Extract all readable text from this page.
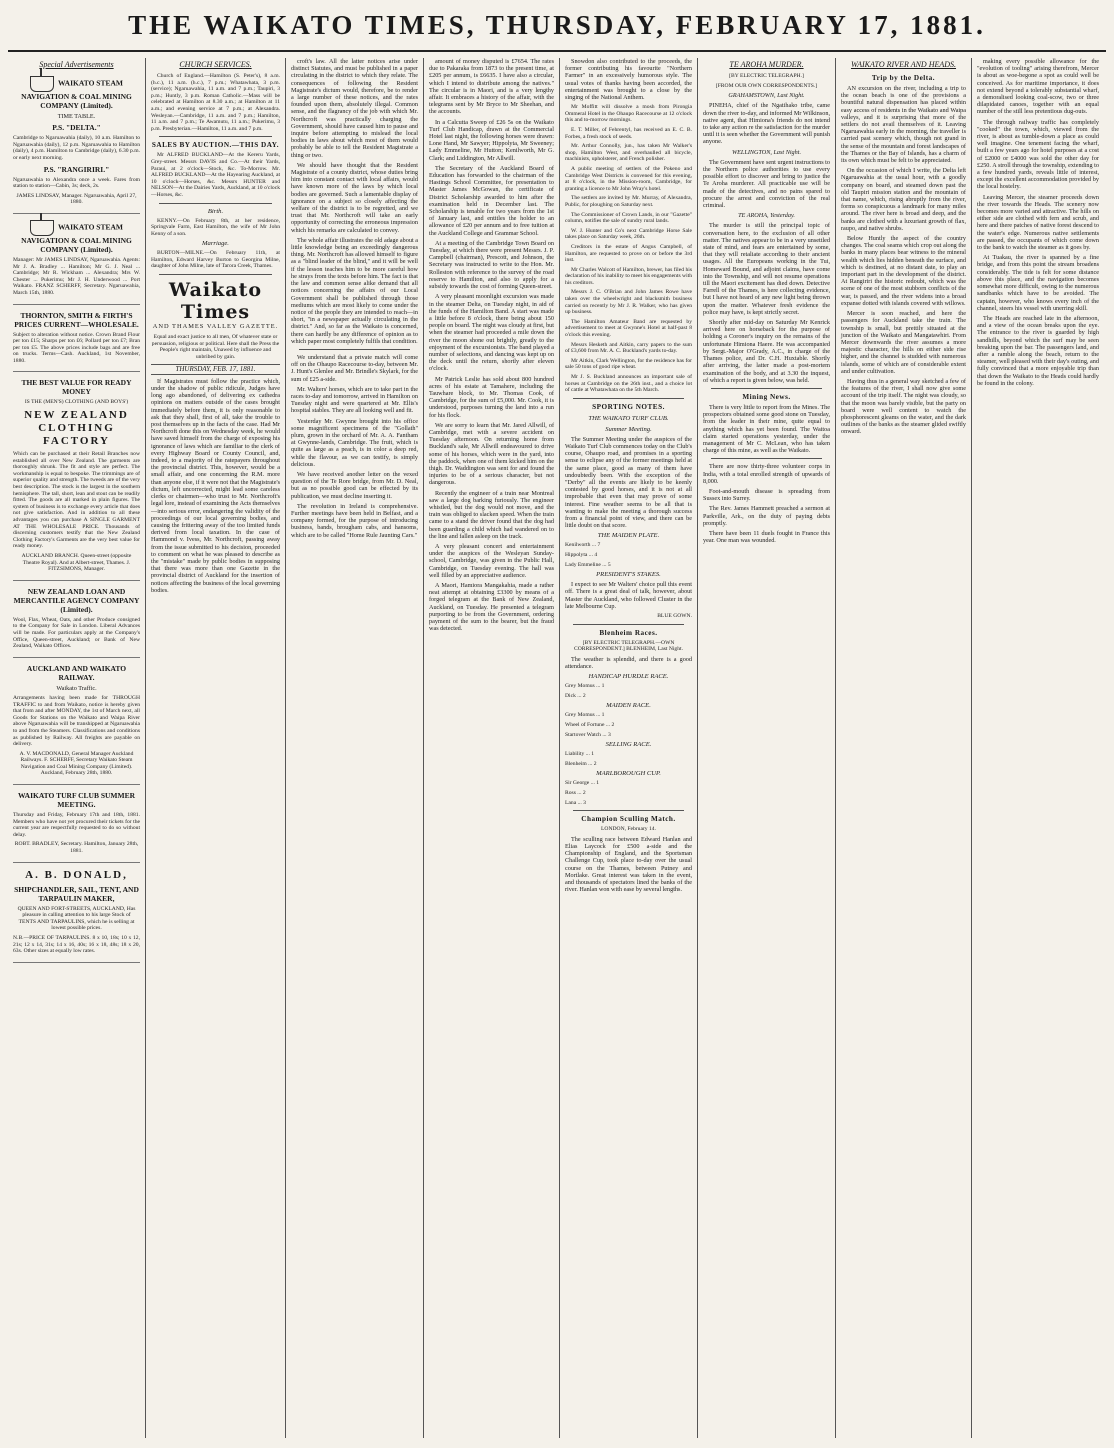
THE WAIKATO TIMES, THURSDAY, FEBRUARY 17, 1881.
Special Advertisements

WAIKATO STEAM NAVIGATION & COAL MINING COMPANY (Limited).

TIME TABLE.

P.S. "DELTA."

Cambridge to Ngaruawahia (daily), 10 a.m. Hamilton to Ngaruawahia (daily), 12 p.m. Ngaruawahia to Hamilton (daily), 4 p.m. Hamilton to Cambridge (daily), 6.30 p.m. or early next morning.

P.S. "RANGIRIRI."

Ngaruawahia to Alexandra once a week. Fares from station to station—Cabin, 3s; deck, 2s.

JAMES LINDSAY, Manager. Ngaruawahia, April 27, 1880.

WAIKATO STEAM NAVIGATION & COAL MINING COMPANY (Limited).

Manager: Mr JAMES LINDSAY, Ngaruawahia. Agents: Mr J. A. Bradley ... Hamilton; Mr G. J. Neal ... Cambridge; Mr R. Wickham ... Alexandra; Mrs W. Chester ... Pukerimu; Mr J. H. Underwood ... Port Waikato. FRANZ SCHERFF, Secretary. Ngaruawahia, March 15th, 1880.

THORNTON, SMITH & FIRTH'S PRICES CURRENT—WHOLESALE.

Subject to alteration without notice. Crown Brand Flour per ton £15; Sharps per ton £6; Pollard per ton £7; Bran per ton £5. The above prices include bags and are free on trucks. Terms—Cash. Auckland, 1st November, 1880.

THE BEST VALUE FOR READY MONEY

IS THE (MEN'S) CLOTHING (AND BOYS')

NEW ZEALAND CLOTHING FACTORY

Which can be purchased at their Retail Branches now established all over New Zealand. The garments are thoroughly shrunk. The fit and style are perfect. The workmanship is equal to bespoke. The trimmings are of superior quality and strength. The tweeds are of the very best description. The stock is the largest in the southern hemisphere. The tall, short, lean and stout can be readily fitted. The goods are all marked in plain figures. The system of business is to exchange every article that does not give satisfaction. And in addition to all these advantages you can purchase A SINGLE GARMENT AT THE WHOLESALE PRICE. Thousands of discerning customers testify that the New Zealand Clothing Factory's Garments are the very best value for ready money.

AUCKLAND BRANCH. Queen-street (opposite Theatre Royal). And at Albert-street, Thames. J. FITZSIMONS, Manager.

NEW ZEALAND LOAN AND MERCANTILE AGENCY COMPANY (Limited).

Wool, Flax, Wheat, Oats, and other Produce consigned to the Company for Sale in London. Liberal Advances will be made. For particulars apply at the Company's Office, Queen-street, Auckland; or Bank of New Zealand, Waikato Offices.

AUCKLAND AND WAIKATO RAILWAY.

Waikato Traffic.

Arrangements having been made for THROUGH TRAFFIC to and from Waikato, notice is hereby given that from and after MONDAY, the 1st of March next, all Goods for Stations on the Waikato and Waipa River above Ngaruawahia will be transhipped at Ngaruawahia to and from the Steamers. Classifications and conditions as published by Railway. All freights are payable on delivery.

A. V. MACDONALD, General Manager Auckland Railways. F. SCHERFF, Secretary Waikato Steam Navigation and Coal Mining Company (Limited). Auckland, February 28th, 1880.

WAIKATO TURF CLUB SUMMER MEETING.

Thursday and Friday, February 17th and 18th, 1881. Members who have not yet procured their tickets for the current year are respectfully requested to do so without delay.

ROBT. BRADLEY, Secretary. Hamilton, January 28th, 1881.

A. B. DONALD,

SHIPCHANDLER, SAIL, TENT, AND TARPAULIN MAKER,

QUEEN AND FORT-STREETS, AUCKLAND, Has pleasure in calling attention to his large Stock of TENTS AND TARPAULINS, which he is selling at lowest possible prices.

N.B.—PRICE OF TARPAULINS. 8 x 10, 18s; 10 x 12, 21s; 12 x 14, 31s; 14 x 16, 40s; 16 x 18, 48s; 18 x 20, 63s. Other sizes at equally low rates.

CHURCH SERVICES.

Church of England.—Hamilton (S. Peter's), 8 a.m. (h.c.), 11 a.m. (h.c.), 7 p.m.; Whatawhata, 3 p.m. (service); Ngaruawahia, 11 a.m. and 7 p.m.; Taupiri, 3 p.m.; Huntly, 3 p.m. Roman Catholic.—Mass will be celebrated at Hamilton at 8.30 a.m.; at Hamilton at 11 a.m.; and evening service at 7 p.m.; at Alexandra. Wesleyan.—Cambridge, 11 a.m. and 7 p.m.; Hamilton, 11 a.m. and 7 p.m.; Te Awamutu, 11 a.m.; Pukerimu, 3 p.m. Presbyterian.—Hamilton, 11 a.m. and 7 p.m.

SALES BY AUCTION.—THIS DAY.

Mr ALFRED BUCKLAND—At the Kereru Yards, Grey-street. Messrs DAVIS and Co.—At their Yards, Paraui, at 2 o'clock—Stock, &c. To-Morrow. Mr. ALFRED BUCKLAND—At the Hayearing Auckland, at 10 o'clock—Horses, &c. Messrs HUNTER and NELSON—At the Dairies Yards, Auckland, at 10 o'clock—Horses, &c.

Birth.

KENNY.—On February 8th, at her residence, Springvale Farm, East Hamilton, the wife of Mr John Kenny of a son.

Marriage.

BURTON—MILNE.—On February 11th, at Hamilton, Edward Harvey Burton to Georgina Milne, daughter of John Milne, late of Tarora Creek, Thames.

Waikato Times
AND THAMES VALLEY GAZETTE.

Equal and exact justice to all men, Of whatever state or persuasion, religious or political. Here shall the Press the People's right maintain, Unawed by influence and unbribed by gain.

THURSDAY, FEB. 17, 1881.

If Magistrates must follow the practice which, under the shadow of public ridicule, Judges have long ago abandoned, of delivering ex cathedra opinions on matters outside of the cases brought immediately before them, it is only reasonable to ask that they shall, first of all, take the trouble to post themselves up in the facts of the case. Had Mr Northcroft done this on Wednesday week, he would have saved himself from the charge of exposing his ignorance of laws which are familiar to the clerk of every Highway Board or County Council, and, indeed, to a majority of the ratepayers throughout the provincial district. This, however, would be a small affair, and one concerning the R.M. more than anyone else, if it were not that the Magistrate's dictum, left uncorrected, might lead some careless clerks or chairmen—who trust to Mr. Northcroft's legal lore, instead of examining the Acts themselves—into serious error, endangering the validity of the proceedings of our local governing bodies, and causing the frittering away of the too limited funds derived from local taxation. In the case of Hammond v. Ivess, Mr. Northcroft, passing away from the issue submitted to his decision, proceeded to comment on what he was pleased to describe as the "mistake" made by public bodies in supposing that there was more than one Gazette in the provincial district of Auckland for the insertion of notices affecting the business of the local governing bodies.

croft's law. All the latter notices arise under distinct Statutes, and must be published in a paper circulating in the district to which they relate. The consequences of following the Resident Magistrate's dictum would, therefore, be to render a large number of these notices, and the rates founded upon them, absolutely illegal. Common sense, and the flagrancy of the job with which Mr. Northcroft was practically charging the Government, should have caused him to pause and inquire before attempting to mislead the local bodies in laws about which most of them would probably be able to tell the Resident Magistrate a thing or two.

We should have thought that the Resident Magistrate of a county district, whose duties bring him into constant contact with local affairs, would have known more of the laws by which local bodies are governed. Such a lamentable display of ignorance on a subject so closely affecting the welfare of the district is to be regretted, and we trust that Mr. Northcroft will take an early opportunity of correcting the erroneous impression which his remarks are calculated to convey.

The whole affair illustrates the old adage about a little knowledge being an exceedingly dangerous thing. Mr. Northcroft has allowed himself to figure as a "blind leader of the blind," and it will be well if the lesson teaches him to be more careful how he strays from the texts before him. The fact is that the law and common sense alike demand that all notices concerning the affairs of our Local Government shall be published through those mediums which are most likely to come under the notice of the people they are intended to reach—in short, "in a newspaper actually circulating in the district." And, so far as the Waikato is concerned, there can hardly be any difference of opinion as to which paper most completely fulfils that condition.

We understand that a private match will come off on the Ohaupo Racecourse to-day, between Mr. J. Hunt's Glenlee and Mr. Brindle's Skylark, for the sum of £25 a-side.

Mr. Walters' horses, which are to take part in the races to-day and tomorrow, arrived in Hamilton on Tuesday night and were quartered at Mr. Ellis's hospital stables. They are all looking well and fit.

Yesterday Mr. Gwynne brought into his office some magnificent specimens of the "Gollath" plum, grown in the orchard of Mr. A. A. Fantham at Gwynne-lands, Cambridge. The fruit, which is quite as large as a peach, is in color a deep red, while the flavour, as we can testify, is simply delicious.

We have received another letter on the vexed question of the Te Rore bridge, from Mr. D. Neal, but as no possible good can be effected by its publication, we must decline inserting it.

The revolution in Ireland is comprehensive. Further meetings have been held in Belfast, and a company formed, for the purpose of introducing business, bands, brougham cabs, and hansoms, which are to be called "Home Rule Jaunting Cars."

amount of money disputed is £7654. The rates due to Pakaraka from 1873 to the present time, at £205 per annum, is £6635. I have also a circular, which I intend to distribute among the natives." The circular is in Maori, and is a very lengthy affair. It embraces a history of the affair, with the telegrams sent by Mr Bryce to Mr Sheehan, and the accounts.

In a Calcutta Sweep of £26 5s on the Waikato Turf Club Handicap, drawn at the Commercial Hotel last night, the following horses were drawn: Lone Hand, Mr Sawyer; Hippolyta, Mr Sweeney; Lady Emmeline, Mr Hutton; Kenilworth, Mr G. Clark; and Liddington, Mr Allwill.

The Secretary of the Auckland Board of Education has forwarded to the chairman of the Hastings School Committee, for presentation to Master James McGowan, the certificate of District Scholarship awarded to him after the examination held in December last. The Scholarship is tenable for two years from the 1st of January last, and entitles the holder to an allowance of £20 per annum and to free tuition at the Auckland College and Grammar School.

At a meeting of the Cambridge Town Board on Tuesday, at which there were present Messrs. J. P. Campbell (chairman), Prescott, and Johnson, the Secretary was instructed to write to the Hon. Mr. Rolleston with reference to the survey of the road reserve to Hamilton, and also to apply for a subsidy towards the cost of forming Queen-street.

A very pleasant moonlight excursion was made in the steamer Delta, on Tuesday night, in aid of the funds of the Hamilton Band. A start was made a little before 8 o'clock, there being about 150 people on board. The night was cloudy at first, but when the steamer had proceeded a mile down the river the moon shone out brightly, greatly to the enjoyment of the excursionists. The band played a number of selections, and dancing was kept up on the deck until the return, shortly after eleven o'clock.

Mr Patrick Leslie has sold about 800 hundred acres of his estate at Tamahere, including the Tauwhare block, to Mr. Thomas Cook, of Cambridge, for the sum of £5,000. Mr. Cook, it is understood, purposes turning the land into a run for his flock.

We are sorry to learn that Mr. Jared Allwill, of Cambridge, met with a severe accident on Tuesday afternoon. On returning home from Buckland's sale, Mr Allwill endeavoured to drive some of his horses, which were in the yard, into the paddock, when one of them kicked him on the thigh. Dr. Waddington was sent for and found the injuries to be of a serious character, but not dangerous.

Recently the engineer of a train near Montreal saw a large dog barking furiously. The engineer whistled, but the dog would not move, and the train was obliged to slacken speed. When the train came to a stand the driver found that the dog had been guarding a child which had wandered on to the line and fallen asleep on the track.

A very pleasant concert and entertainment under the auspices of the Wesleyan Sunday-school, Cambridge, was given in the Public Hall, Cambridge, on Tuesday evening. The hall was well filled by an appreciative audience.

A Maori, Hamiora Mangakahia, made a rather neat attempt at obtaining £3300 by means of a forged telegram at the Bank of New Zealand, Auckland, on Tuesday. He presented a telegram purporting to be from the Government, ordering payment of the sum to the bearer, but the fraud was detected.

Snowdon also contributed to the proceeds, the former contributing his favourite "Northern Farmer" in an excessively humorous style. The usual votes of thanks having been accorded, the entertainment was brought to a close by the singing of the National Anthem.

Mr Moffitt will dissolve a mosh from Pirongia Ommeral Hotel in the Ohaupo Racecourse at 12 o'clock this and to-morrow mornings.

E. T. Miller, of Fehrentyl, has received an E. C. B. Forbes, a fresh stock of seeds.

Mr. Arthur Connolly, jun., has taken Mr Walker's shop, Hamilton West, and overhaulled all bicycle, machinists, upholsterer, and French polisher.

A public meeting of settlers of the Pokeno and Cambridge West Districts is convened for this evening, at 8 o'clock, in the Mission-room, Cambridge, for granting a licence to Mr John Wray's hotel.

The settlers are invited by Mr. Murray, of Alexandra, Public, for ploughing on Saturday next.

The Commissioner of Crown Lands, in our "Gazette" column, notifies the sale of sundry rural lands.

W. J. Hunter and Co's next Cambridge Horse Sale takes place on Saturday week, 26th.

Creditors in the estate of Angus Campbell, of Hamilton, are requested to prove on or before the 3rd inst.

Mr Charles Walcott of Hamilton, brewer, has filed his declaration of his inability to meet his engagements with his creditors.

Messrs J. C. O'Brian and John James Rowe have taken over the wheelwright and blacksmith business carried on recently by Mr J. R. Walker, who has given up business.

The Hamilton Amateur Band are requested by advertisement to meet at Gwynne's Hotel at half-past 8 o'clock this evening.

Messrs Hesketh and Aitkin, carry papers to the sum of £3,600 from Mr. A. C. Buckland's yards to-day.

Mr Aitkin, Clark Wellington, for the residence has for sale 50 tons of good ripe wheat.

Mr J. S. Buckland announces an important sale of horses at Cambridge on the 26th inst., and a choice lot of cattle at Whatawhata on the 5th March.

SPORTING NOTES.
THE WAIKATO TURF CLUB.
Summer Meeting.

The Summer Meeting under the auspices of the Waikato Turf Club commences today on the Club's course, Ohaupo road, and promises in a sporting sense to eclipse any of the former meetings held at the same place, good as many of them have undoubtedly been. With the exception of the "Derby" all the events are likely to be keenly contested by good horses, and it is not at all improbable that even that may prove of some interest. Fine weather seems to be all that is wanting to make the meeting a thorough success from a financial point of view, and there can be little doubt on that score.

THE MAIDEN PLATE.

Kenilworth ... 7

Hippolyta ... 4

Lady Emmeline ... 5

PRESIDENT'S STAKES.

I expect to see Mr Walters' choice pull this event off. There is a great deal of talk, however, about Master the Auckland, who followed Cluster in the late Melbourne Cup.

BLUE GOWN.

Blenheim Races.

[BY ELECTRIC TELEGRAPH.—OWN CORRESPONDENT.] BLENHEIM, Last Night.

The weather is splendid, and there is a good attendance.

HANDICAP HURDLE RACE.

Grey Momus ... 1

Dick ... 2

MAIDEN RACE.

Grey Momus ... 1

Wheel of Fortune ... 2

Startover Watch ... 3

SELLING RACE.

Liability ... 1

Blenheim ... 2

MARLBOROUGH CUP.

Sir George ... 1

Ross ... 2

Lana ... 3

Champion Sculling Match.

LONDON, February 14.

The sculling race between Edward Hanlan and Elias Laycock for £500 a-side and the Championship of England, and the Sportsman Challenge Cup, took place to-day over the usual course on the Thames, between Putney and Mortlake. Great interest was taken in the event, and thousands of spectators lined the banks of the river. Hanlan won with ease by several lengths.

TE AROHA MURDER.

[BY ELECTRIC TELEGRAPH.]

[FROM OUR OWN CORRESPONDENTS.]

GRAHAMSTOWN, Last Night.

PINEHA, chief of the Ngatihako tribe, came down the river to-day, and informed Mr Wilkinson, native agent, that Himiona's friends do not intend to take any action re the satisfaction for the murder until it is seen whether the Government will punish anyone.

WELLINGTON, Last Night.

The Government have sent urgent instructions to the Northern police authorities to use every possible effort to discover and bring to justice the Te Aroha murderer. All practicable use will be made of the detectives, and no pains spared to procure the arrest and conviction of the real criminal.

TE AROHA, Yesterday.

The murder is still the principal topic of conversation here, to the exclusion of all other matter. The natives appear to be in a very unsettled state of mind, and fears are entertained by some, that they will retaliate according to their ancient usages. All the Europeans working in the Tui, Homeward Bound, and adjoint claims, have come into the Township, and will not resume operations till the Maori excitement has died down. Detective Farrell of the Thames, is here collecting evidence, but I have not heard of any new light being thrown upon the matter. Whatever fresh evidence the police may have, is kept strictly secret.

Shortly after mid-day on Saturday Mr Kenrick arrived here on horseback for the purpose of holding a Coroner's inquiry on the remains of the unfortunate Himiona Haere. He was accompanied by Sergt.-Major O'Grady, A.C., in charge of the Thames police, and Dr. C.H. Huxtable. Shortly after arriving, the latter made a post-mortem examination of the body, and at 3.30 the inquest, of which a report is given below, was held.

Mining News.

There is very little to report from the Mines. The prospectors obtained some good stone on Tuesday, from the leader in their mine, quite equal to anything which has yet been found. The Waitoa claim started operations yesterday, under the management of Mr C. McLean, who has taken charge of this mine, as well as the Waikato.

There are now thirty-three volunteer corps in India, with a total enrolled strength of upwards of 8,000.

Foot-and-mouth disease is spreading from Sussex into Surrey.

The Rev. James Hammett preached a sermon at Parkville, Ark., on the duty of paying debts promptly.

There have been 11 duels fought in France this year. One man was wounded.

WAIKATO RIVER AND HEADS.
Trip by the Delta.

AN excursion on the river, including a trip to the ocean beach is one of the provisions a bountiful natural dispensation has placed within easy access of residents in the Waikato and Waipa valleys, and it is surprising that more of the settlers do not avail themselves of it. Leaving Ngaruawahia early in the morning, the traveller is carried past scenery which, though not grand in the sense of the mountain and forest landscapes of the Thames or the Bay of Islands, has a charm of its own which must be felt to be appreciated.

On the occasion of which I write, the Delta left Ngaruawahia at the usual hour, with a goodly company on board, and steamed down past the old Taupiri mission station and the mountain of that name, which, rising abruptly from the river, forms so conspicuous a landmark for many miles around. The river here is broad and deep, and the banks are clothed with a luxuriant growth of flax, raupo, and native shrubs.

Below Huntly the aspect of the country changes. The coal seams which crop out along the banks in many places bear witness to the mineral wealth which lies hidden beneath the surface, and which is destined, at no distant date, to play an important part in the development of the district. At Rangiriri the historic redoubt, which was the scene of one of the most stubborn conflicts of the war, is passed, and the river widens into a broad expanse dotted with islands covered with willows.

Mercer is soon reached, and here the passengers for Auckland take the train. The township is small, but prettily situated at the junction of the Waikato and Mangatawhiri. From Mercer downwards the river assumes a more majestic character, the hills on either side rise higher, and the channel is studded with numerous islands, some of which are of considerable extent and under cultivation.

Having thus in a general way sketched a few of the features of the river, I shall now give some account of the trip itself. The night was cloudy, so that the moon was barely visible, but the party on board were well content to watch the phosphorescent gleams on the water, and the dark outlines of the banks as the steamer glided swiftly onward.

making every possible allowance for the "evolution of tooling" arising therefrom, Mercer is about as woe-begone a spot as could well be conceived. As for maritime importance, it does not extend beyond a tolerably substantial wharf, a demoralised looking coal-scow, two or three dilapidated canoes, together with an equal number of the still less pretentious dug-outs.

The through railway traffic has completely "cooked" the town, which, viewed from the river, is about as tumble-down a place as could well imagine. One tenement facing the wharf, built a few years ago for hotel purposes at a cost of £2000 or £4000 was sold the other day for £250. A stroll through the township, extending to a few hundred yards, reveals little of interest, except the excellent accommodation provided by the local hostelry.

Leaving Mercer, the steamer proceeds down the river towards the Heads. The scenery now becomes more varied and attractive. The hills on either side are clothed with fern and scrub, and here and there patches of native forest descend to the water's edge. Numerous native settlements are passed, the occupants of which come down to the bank to watch the steamer as it goes by.

At Tuakau, the river is spanned by a fine bridge, and from this point the stream broadens considerably. The tide is felt for some distance above this place, and the navigation becomes somewhat more difficult, owing to the numerous sandbanks which have to be avoided. The captain, however, who knows every inch of the channel, steers his vessel with unerring skill.

The Heads are reached late in the afternoon, and a view of the ocean breaks upon the eye. The entrance to the river is guarded by high sandhills, beyond which the surf may be seen breaking upon the bar. The passengers land, and after a ramble along the beach, return to the steamer, well pleased with their day's outing, and fully convinced that a more enjoyable trip than that down the Waikato to the Heads could hardly be found in the colony.
